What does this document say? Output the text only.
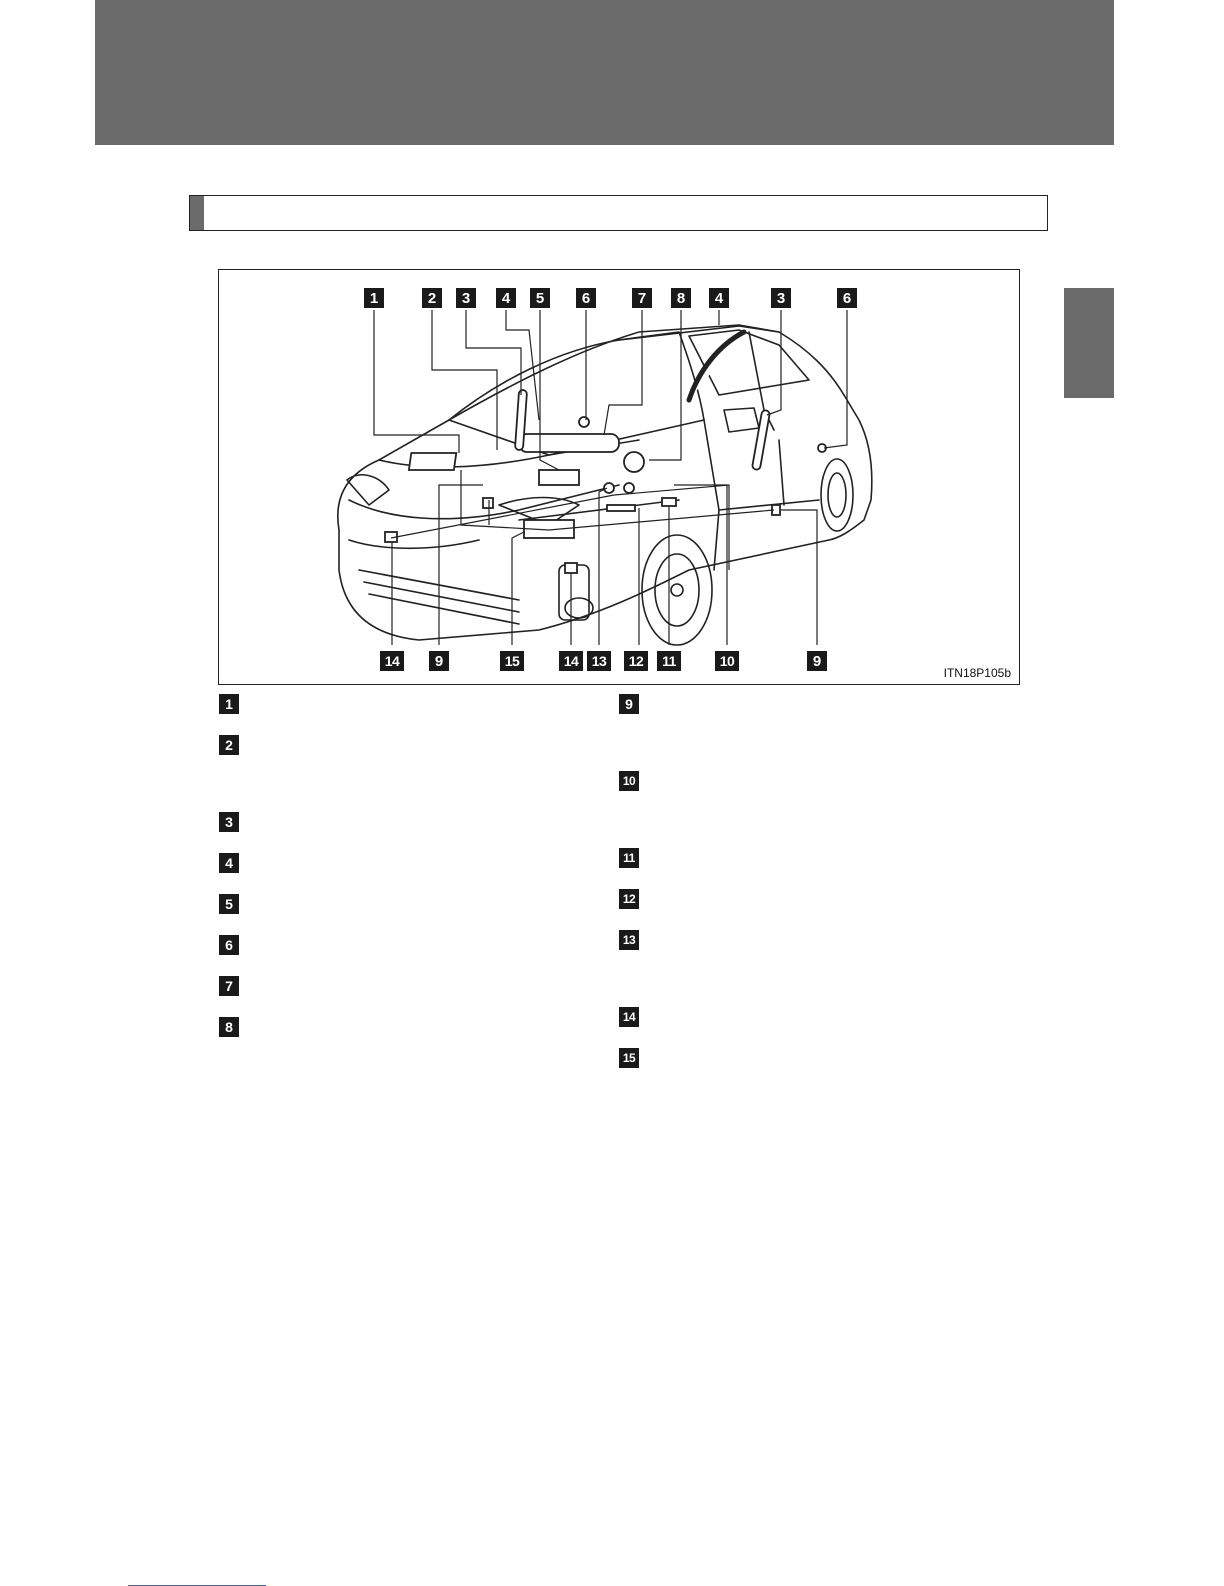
1	2	3	4	5	6	7	8	4	3	6
14	9	15	14 13	12	11	10	9
ITN18P105b
1
2
3
4
5
6
7
8
9
10
11
12
13
14
15
